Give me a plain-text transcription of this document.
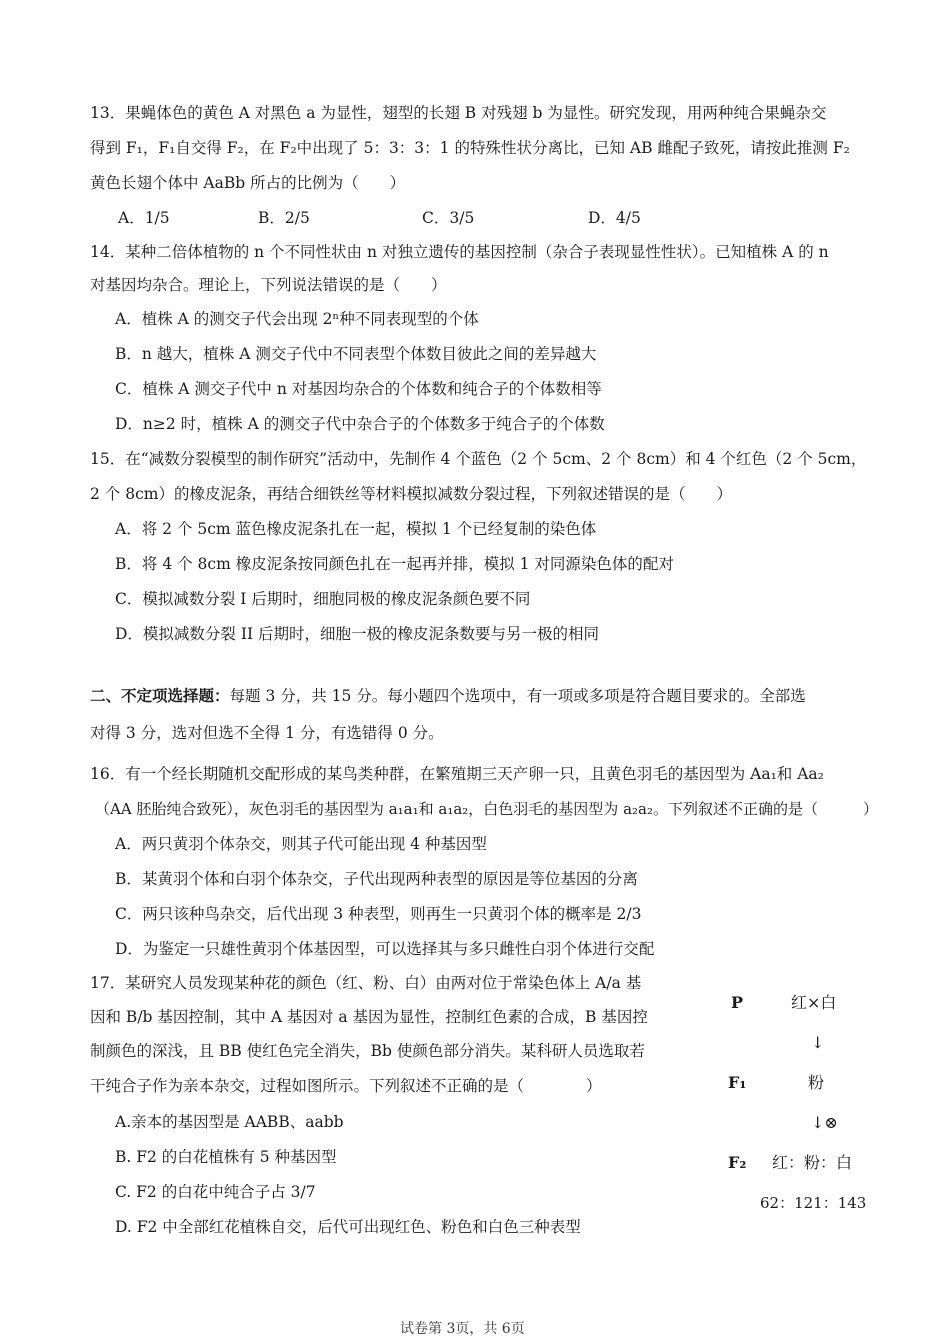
13．果蝇体色的黄色 A 对黑色 a 为显性，翅型的长翅 B 对残翅 b 为显性。研究发现，用两种纯合果蝇杂交
得到 F₁，F₁自交得 F₂，在 F₂中出现了 5：3：3：1 的特殊性状分离比，已知 AB 雌配子致死，请按此推测 F₂
黄色长翅个体中 AaBb 所占的比例为（　　）
A．1/5	B．2/5	C．3/5	D．4/5
14．某种二倍体植物的 n 个不同性状由 n 对独立遗传的基因控制（杂合子表现显性性状）。已知植株 A 的 n
对基因均杂合。理论上，下列说法错误的是（　　）
A．植株 A 的测交子代会出现 2ⁿ种不同表现型的个体
B．n 越大，植株 A 测交子代中不同表型个体数目彼此之间的差异越大
C．植株 A 测交子代中 n 对基因均杂合的个体数和纯合子的个体数相等
D．n≥2 时，植株 A 的测交子代中杂合子的个体数多于纯合子的个体数
15．在“减数分裂模型的制作研究”活动中，先制作 4 个蓝色（2 个 5cm、2 个 8cm）和 4 个红色（2 个 5cm，
2 个 8cm）的橡皮泥条，再结合细铁丝等材料模拟减数分裂过程，下列叙述错误的是（　　）
A．将 2 个 5cm 蓝色橡皮泥条扎在一起，模拟 1 个已经复制的染色体
B．将 4 个 8cm 橡皮泥条按同颜色扎在一起再并排，模拟 1 对同源染色体的配对
C．模拟减数分裂 I 后期时，细胞同极的橡皮泥条颜色要不同
D．模拟减数分裂 II 后期时，细胞一极的橡皮泥条数要与另一极的相同
二、不定项选择题：每题 3 分，共 15 分。每小题四个选项中，有一项或多项是符合题目要求的。全部选
对得 3 分，选对但选不全得 1 分，有选错得 0 分。
16．有一个经长期随机交配形成的某鸟类种群，在繁殖期三天产卵一只，且黄色羽毛的基因型为 Aa₁和 Aa₂
（AA 胚胎纯合致死），灰色羽毛的基因型为 a₁a₁和 a₁a₂，白色羽毛的基因型为 a₂a₂。下列叙述不正确的是（　　　）
A．两只黄羽个体杂交，则其子代可能出现 4 种基因型
B．某黄羽个体和白羽个体杂交，子代出现两种表型的原因是等位基因的分离
C．两只该种鸟杂交，后代出现 3 种表型，则再生一只黄羽个体的概率是 2/3
D．为鉴定一只雄性黄羽个体基因型，可以选择其与多只雌性白羽个体进行交配
17．某研究人员发现某种花的颜色（红、粉、白）由两对位于常染色体上 A/a 基
因和 B/b 基因控制，其中 A 基因对 a 基因为显性，控制红色素的合成，B 基因控
制颜色的深浅，且 BB 使红色完全消失，Bb 使颜色部分消失。某科研人员选取若
干纯合子作为亲本杂交，过程如图所示。下列叙述不正确的是（　　　　）
A.亲本的基因型是 AABB、aabb
B. F2 的白花植株有 5 种基因型
C. F2 的白花中纯合子占 3/7
D. F2 中全部红花植株自交，后代可出现红色、粉色和白色三种表型
P	红×白
↓
F₁	粉
↓⊗
F₂ 红：粉：白
62：121：143
试卷第 3页，共 6页
